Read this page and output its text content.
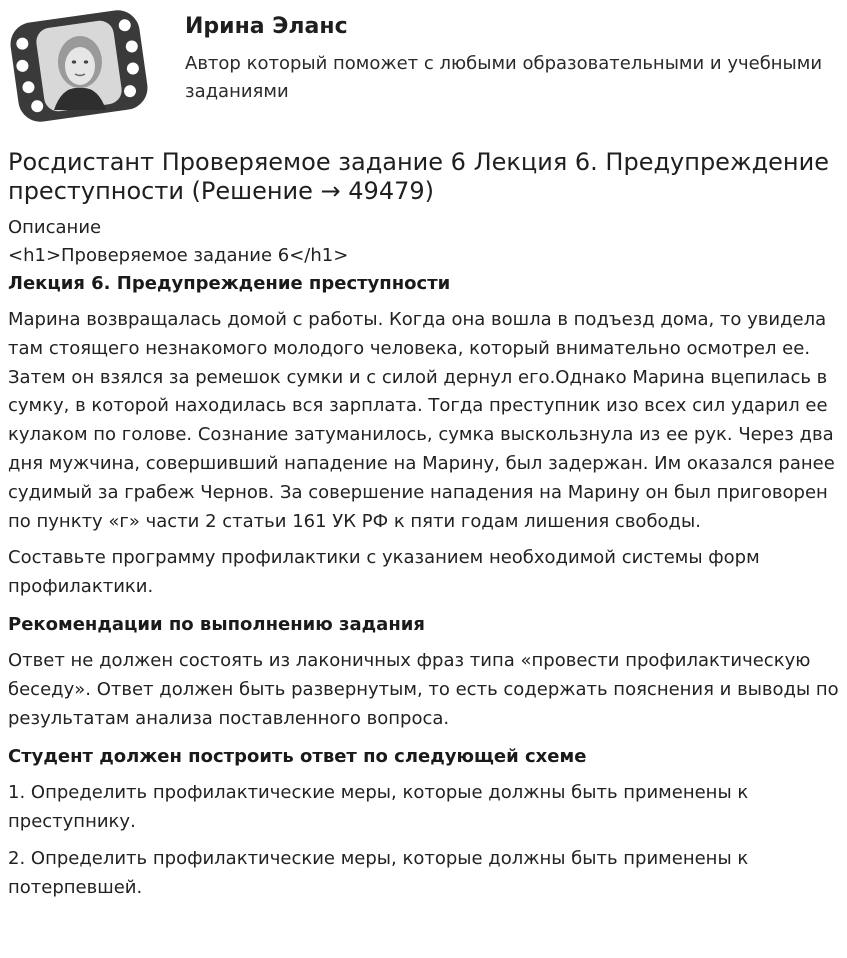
Ирина Эланс

Автор который поможет с любыми образовательными и учебными заданиями

Росдистант Проверяемое задание 6 Лекция 6. Предупреждение преступности (Решение → 49479)

Описание

<h1>Проверяемое задание 6</h1>

Лекция 6. Предупреждение преступности

Марина возвращалась домой с работы. Когда она вошла в подъезд дома, то увидела там стоящего незнакомого молодого человека, который внимательно осмотрел ее. Затем он взялся за ремешок сумки и с силой дернул его.Однако Марина вцепилась в сумку, в которой находилась вся зарплата. Тогда преступник изо всех сил ударил ее кулаком по голове. Сознание затуманилось, сумка выскользнула из ее рук. Через два дня мужчина, совершивший нападение на Марину, был задержан. Им оказался ранее судимый за грабеж Чернов. За совершение нападения на Марину он был приговорен по пункту «г» части 2 статьи 161 УК РФ к пяти годам лишения свободы.

Составьте программу профилактики с указанием необходимой системы форм профилактики.

Рекомендации по выполнению задания

Ответ не должен состоять из лаконичных фраз типа «провести профилактическую беседу». Ответ должен быть развернутым, то есть содержать пояснения и выводы по результатам анализа поставленного вопроса.

Студент должен построить ответ по следующей схеме

1. Определить профилактические меры, которые должны быть применены к преступнику.

2. Определить профилактические меры, которые должны быть применены к потерпевшей.
